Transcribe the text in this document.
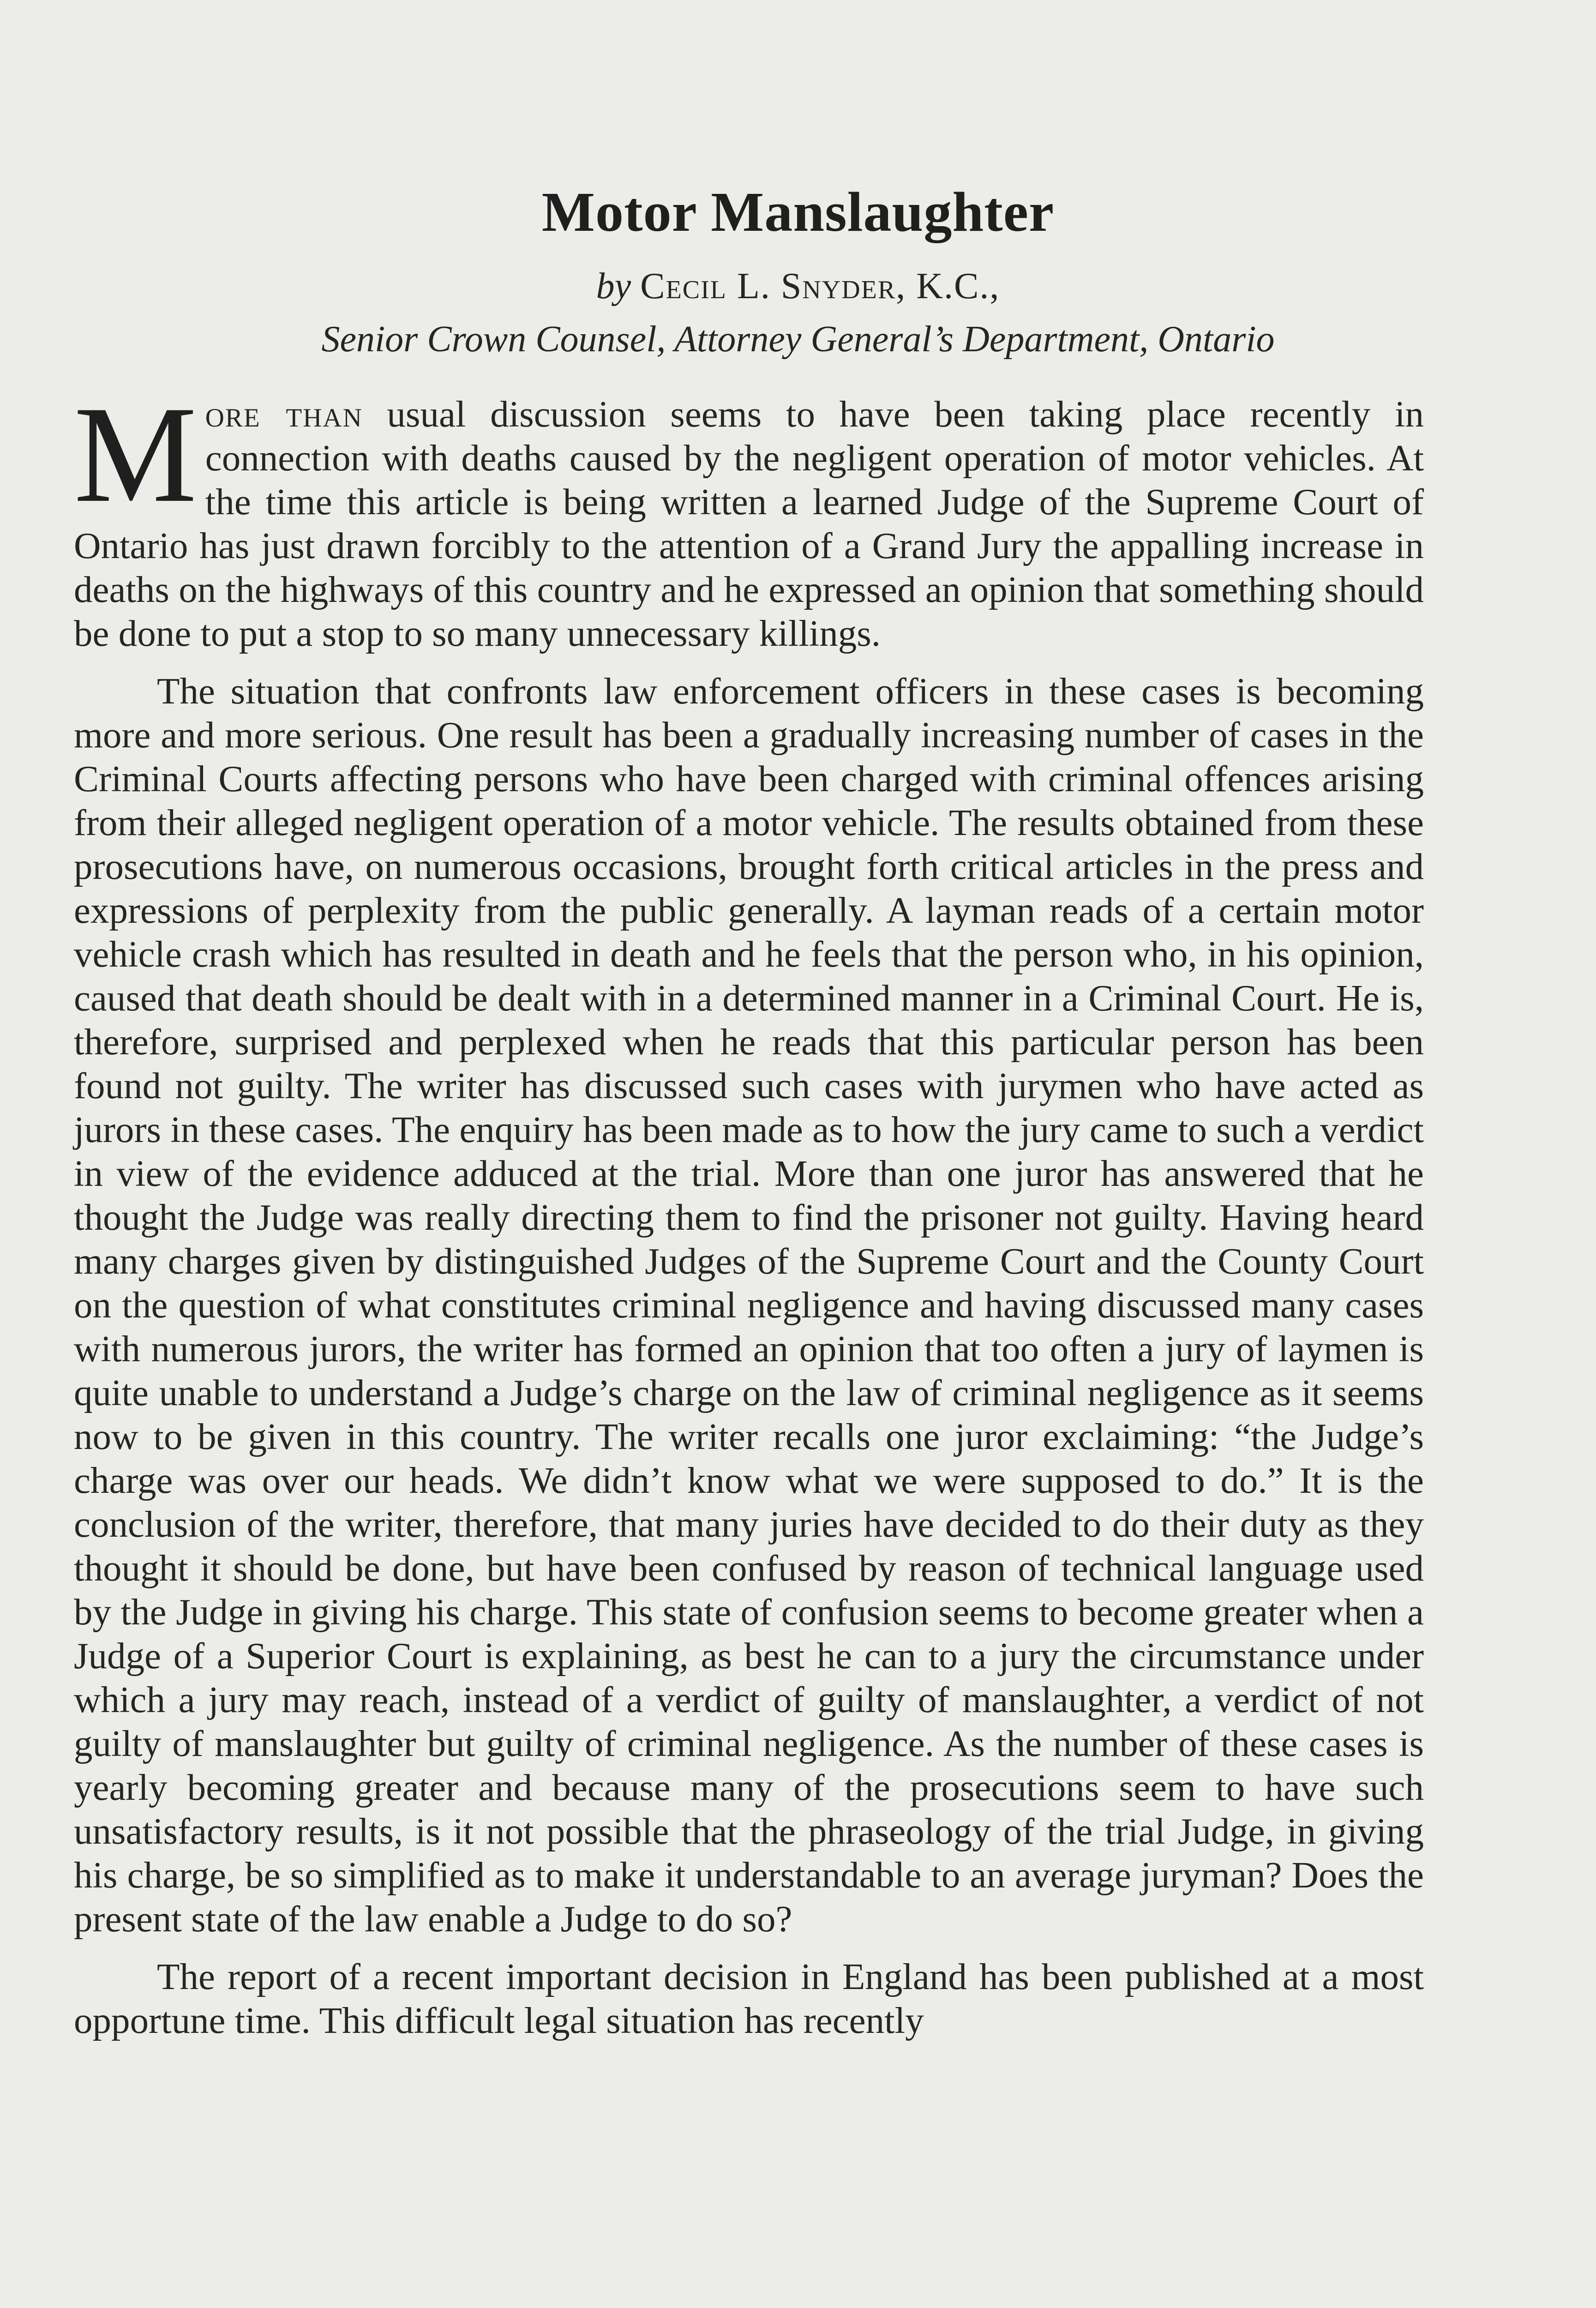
Motor Manslaughter
by Cecil L. Snyder, K.C.,
Senior Crown Counsel, Attorney General’s Department, Ontario

More than usual discussion seems to have been taking place recently in connection with deaths caused by the negligent operation of motor vehicles. At the time this article is being written a learned Judge of the Supreme Court of Ontario has just drawn forcibly to the attention of a Grand Jury the appalling increase in deaths on the highways of this country and he expressed an opinion that something should be done to put a stop to so many unnecessary killings.

The situation that confronts law enforcement officers in these cases is becoming more and more serious. One result has been a gradually increasing number of cases in the Criminal Courts affecting persons who have been charged with criminal offences arising from their alleged negligent operation of a motor vehicle. The results obtained from these prosecutions have, on numerous occasions, brought forth critical articles in the press and expressions of perplexity from the public generally. A layman reads of a certain motor vehicle crash which has resulted in death and he feels that the person who, in his opinion, caused that death should be dealt with in a determined manner in a Criminal Court. He is, therefore, surprised and perplexed when he reads that this particular person has been found not guilty. The writer has discussed such cases with jurymen who have acted as jurors in these cases. The enquiry has been made as to how the jury came to such a verdict in view of the evidence adduced at the trial. More than one juror has answered that he thought the Judge was really directing them to find the prisoner not guilty. Having heard many charges given by distinguished Judges of the Supreme Court and the County Court on the question of what constitutes criminal negligence and having discussed many cases with numerous jurors, the writer has formed an opinion that too often a jury of laymen is quite unable to understand a Judge’s charge on the law of criminal negligence as it seems now to be given in this country. The writer recalls one juror exclaiming: “the Judge’s charge was over our heads. We didn’t know what we were supposed to do.” It is the conclusion of the writer, therefore, that many juries have decided to do their duty as they thought it should be done, but have been confused by reason of technical language used by the Judge in giving his charge. This state of confusion seems to become greater when a Judge of a Superior Court is explaining, as best he can to a jury the circumstance under which a jury may reach, instead of a verdict of guilty of manslaughter, a verdict of not guilty of manslaughter but guilty of criminal negligence. As the number of these cases is yearly becoming greater and because many of the prosecutions seem to have such unsatisfactory results, is it not possible that the phraseology of the trial Judge, in giving his charge, be so simplified as to make it understandable to an average juryman? Does the present state of the law enable a Judge to do so?

The report of a recent important decision in England has been published at a most opportune time. This difficult legal situation has recently
